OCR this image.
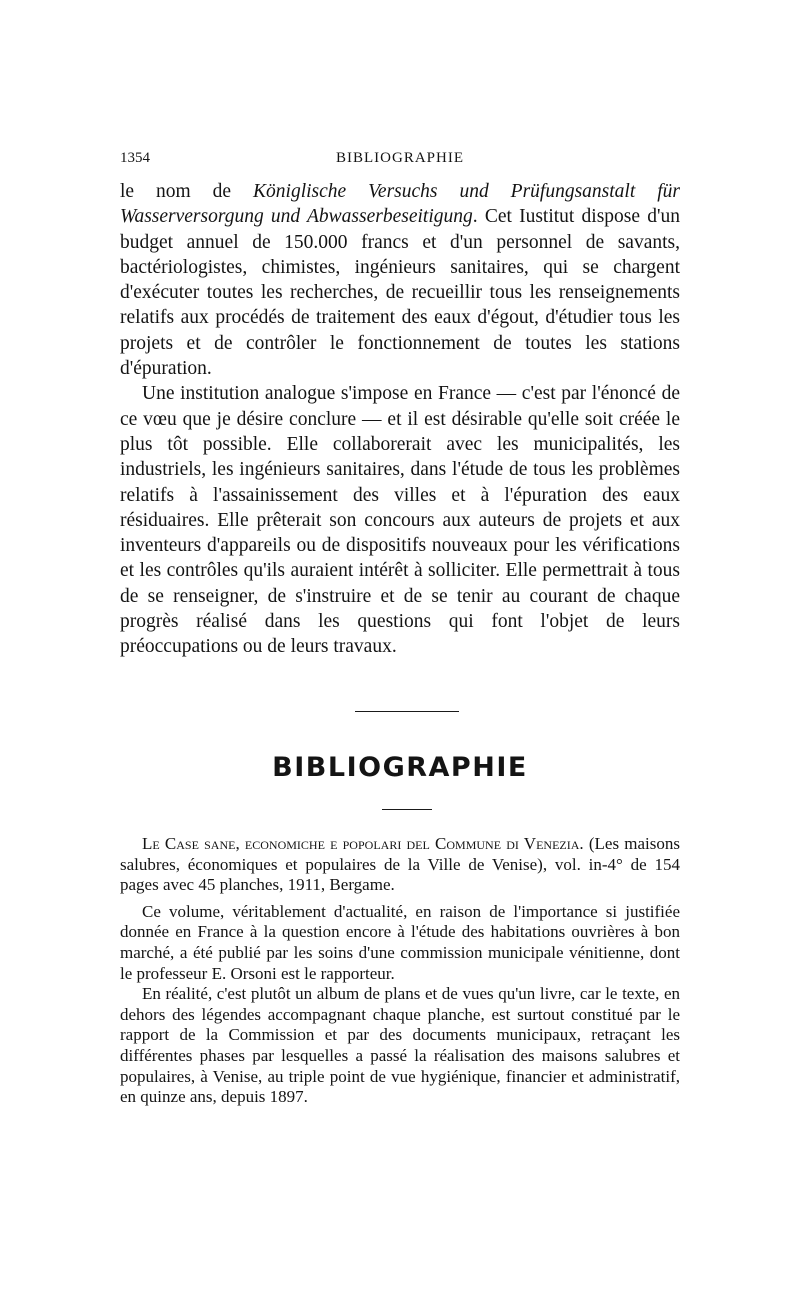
1354	BIBLIOGRAPHIE

le nom de Königlische Versuchs und Prüfungsanstalt für Wasserversorgung und Abwasserbeseitigung. Cet Iustitut dispose d'un budget annuel de 150.000 francs et d'un personnel de savants, bactériologistes, chimistes, ingénieurs sanitaires, qui se chargent d'exécuter toutes les recherches, de recueillir tous les renseignements relatifs aux procédés de traitement des eaux d'égout, d'étudier tous les projets et de contrôler le fonctionnement de toutes les stations d'épuration.

Une institution analogue s'impose en France — c'est par l'énoncé de ce vœu que je désire conclure — et il est désirable qu'elle soit créée le plus tôt possible. Elle collaborerait avec les municipalités, les industriels, les ingénieurs sanitaires, dans l'étude de tous les problèmes relatifs à l'assainissement des villes et à l'épuration des eaux résiduaires. Elle prêterait son concours aux auteurs de projets et aux inventeurs d'appareils ou de dispositifs nouveaux pour les vérifications et les contrôles qu'ils auraient intérêt à solliciter. Elle permettrait à tous de se renseigner, de s'instruire et de se tenir au courant de chaque progrès réalisé dans les questions qui font l'objet de leurs préoccupations ou de leurs travaux.

BIBLIOGRAPHIE

Le Case sane, economiche e popolari del Commune di Venezia. (Les maisons salubres, économiques et populaires de la Ville de Venise), vol. in-4° de 154 pages avec 45 planches, 1911, Bergame.

Ce volume, véritablement d'actualité, en raison de l'importance si justifiée donnée en France à la question encore à l'étude des habitations ouvrières à bon marché, a été publié par les soins d'une commission municipale vénitienne, dont le professeur E. Orsoni est le rapporteur.

En réalité, c'est plutôt un album de plans et de vues qu'un livre, car le texte, en dehors des légendes accompagnant chaque planche, est surtout constitué par le rapport de la Commission et par des documents municipaux, retraçant les différentes phases par lesquelles a passé la réalisation des maisons salubres et populaires, à Venise, au triple point de vue hygiénique, financier et administratif, en quinze ans, depuis 1897.
